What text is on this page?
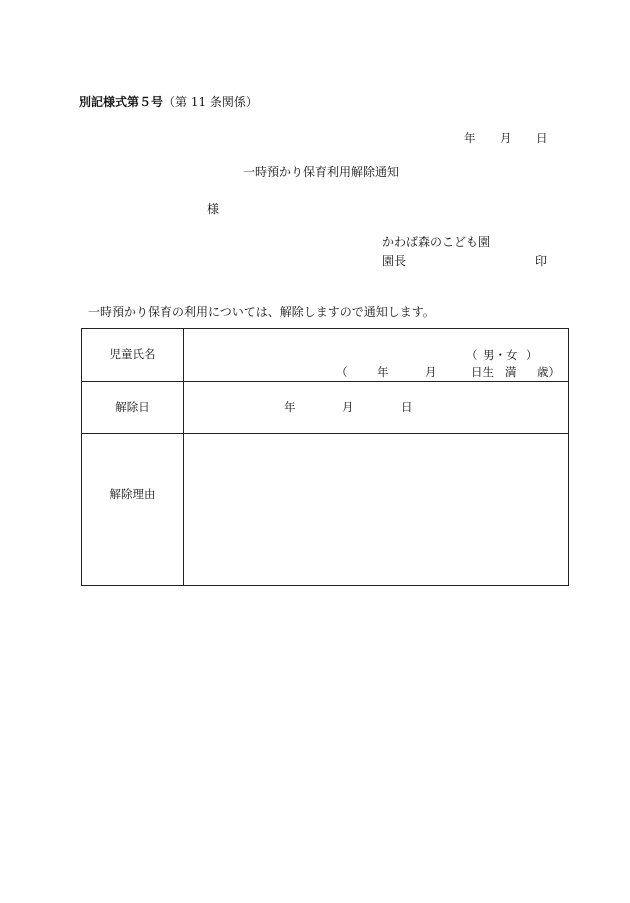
別記様式第５号（第 11 条関係）
年 月 日
一時預かり保育利用解除通知
様
かわば森のこども園
園長	印
一時預かり保育の利用については、解除しますので通知します。
児童氏名	（ 男・女 ）
（	年	月	日生 満 歳）
解除日	年	月	日
解除理由
